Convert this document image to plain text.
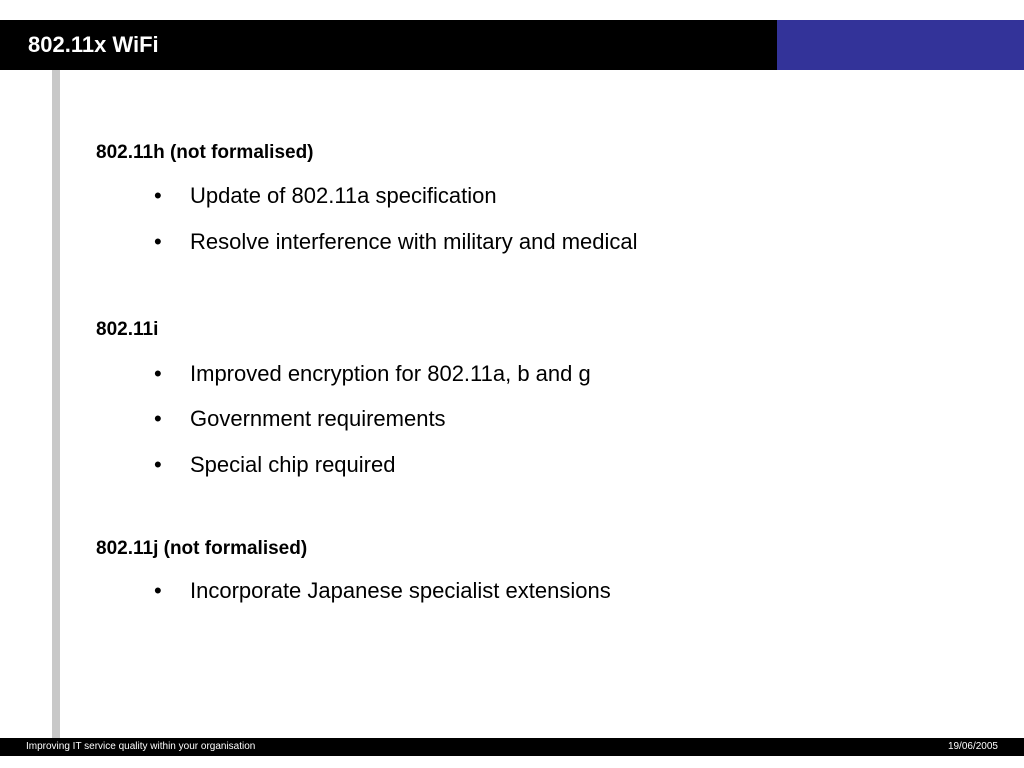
802.11x WiFi
802.11h (not formalised)
• Update of 802.11a specification
• Resolve interference with military and medical
802.11i
• Improved encryption for 802.11a, b and g
• Government requirements
• Special chip required
802.11j (not formalised)
• Incorporate Japanese specialist extensions
Improving IT service quality within your organisation	19/06/2005
